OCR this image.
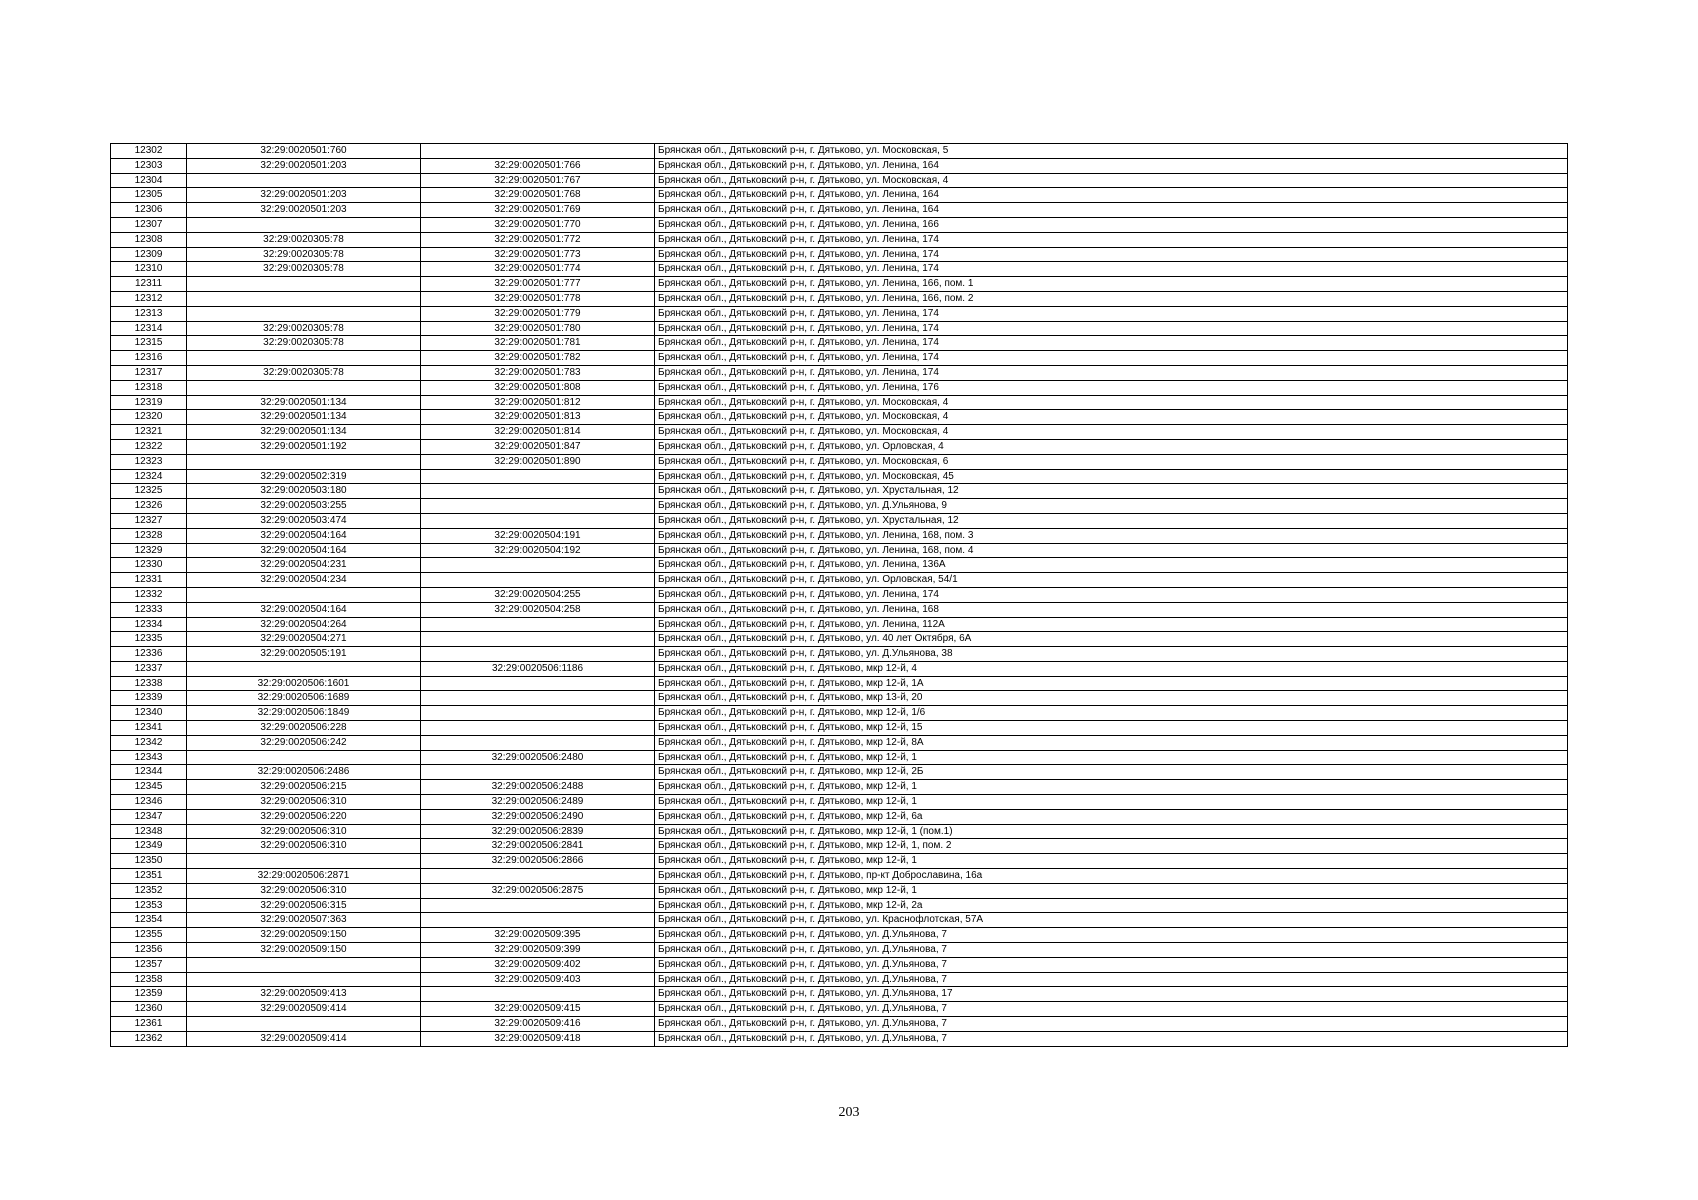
12302	32:29:0020501:760		Брянская обл., Дятьковский р-н, г. Дятьково, ул. Московская, 5
12303	32:29:0020501:203	32:29:0020501:766	Брянская обл., Дятьковский р-н, г. Дятьково, ул. Ленина, 164
12304		32:29:0020501:767	Брянская обл., Дятьковский р-н, г. Дятьково, ул. Московская, 4
12305	32:29:0020501:203	32:29:0020501:768	Брянская обл., Дятьковский р-н, г. Дятьково, ул. Ленина, 164
12306	32:29:0020501:203	32:29:0020501:769	Брянская обл., Дятьковский р-н, г. Дятьково, ул. Ленина, 164
12307		32:29:0020501:770	Брянская обл., Дятьковский р-н, г. Дятьково, ул. Ленина, 166
12308	32:29:0020305:78	32:29:0020501:772	Брянская обл., Дятьковский р-н, г. Дятьково, ул. Ленина, 174
12309	32:29:0020305:78	32:29:0020501:773	Брянская обл., Дятьковский р-н, г. Дятьково, ул. Ленина, 174
12310	32:29:0020305:78	32:29:0020501:774	Брянская обл., Дятьковский р-н, г. Дятьково, ул. Ленина, 174
12311		32:29:0020501:777	Брянская обл., Дятьковский р-н, г. Дятьково, ул. Ленина, 166, пом. 1
12312		32:29:0020501:778	Брянская обл., Дятьковский р-н, г. Дятьково, ул. Ленина, 166, пом. 2
12313		32:29:0020501:779	Брянская обл., Дятьковский р-н, г. Дятьково, ул. Ленина, 174
12314	32:29:0020305:78	32:29:0020501:780	Брянская обл., Дятьковский р-н, г. Дятьково, ул. Ленина, 174
12315	32:29:0020305:78	32:29:0020501:781	Брянская обл., Дятьковский р-н, г. Дятьково, ул. Ленина, 174
12316		32:29:0020501:782	Брянская обл., Дятьковский р-н, г. Дятьково, ул. Ленина, 174
12317	32:29:0020305:78	32:29:0020501:783	Брянская обл., Дятьковский р-н, г. Дятьково, ул. Ленина, 174
12318		32:29:0020501:808	Брянская обл., Дятьковский р-н, г. Дятьково, ул. Ленина, 176
12319	32:29:0020501:134	32:29:0020501:812	Брянская обл., Дятьковский р-н, г. Дятьково, ул. Московская, 4
12320	32:29:0020501:134	32:29:0020501:813	Брянская обл., Дятьковский р-н, г. Дятьково, ул. Московская, 4
12321	32:29:0020501:134	32:29:0020501:814	Брянская обл., Дятьковский р-н, г. Дятьково, ул. Московская, 4
12322	32:29:0020501:192	32:29:0020501:847	Брянская обл., Дятьковский р-н, г. Дятьково, ул. Орловская, 4
12323		32:29:0020501:890	Брянская обл., Дятьковский р-н, г. Дятьково, ул. Московская, 6
12324	32:29:0020502:319		Брянская обл., Дятьковский р-н, г. Дятьково, ул. Московская, 45
12325	32:29:0020503:180		Брянская обл., Дятьковский р-н, г. Дятьково, ул. Хрустальная, 12
12326	32:29:0020503:255		Брянская обл., Дятьковский р-н, г. Дятьково, ул. Д.Ульянова, 9
12327	32:29:0020503:474		Брянская обл., Дятьковский р-н, г. Дятьково, ул. Хрустальная, 12
12328	32:29:0020504:164	32:29:0020504:191	Брянская обл., Дятьковский р-н, г. Дятьково, ул. Ленина, 168, пом. 3
12329	32:29:0020504:164	32:29:0020504:192	Брянская обл., Дятьковский р-н, г. Дятьково, ул. Ленина, 168, пом. 4
12330	32:29:0020504:231		Брянская обл., Дятьковский р-н, г. Дятьково, ул. Ленина, 136А
12331	32:29:0020504:234		Брянская обл., Дятьковский р-н, г. Дятьково, ул. Орловская, 54/1
12332		32:29:0020504:255	Брянская обл., Дятьковский р-н, г. Дятьково, ул. Ленина, 174
12333	32:29:0020504:164	32:29:0020504:258	Брянская обл., Дятьковский р-н, г. Дятьково, ул. Ленина, 168
12334	32:29:0020504:264		Брянская обл., Дятьковский р-н, г. Дятьково, ул. Ленина, 112А
12335	32:29:0020504:271		Брянская обл., Дятьковский р-н, г. Дятьково, ул. 40 лет Октября, 6А
12336	32:29:0020505:191		Брянская обл., Дятьковский р-н, г. Дятьково, ул. Д.Ульянова, 38
12337		32:29:0020506:1186	Брянская обл., Дятьковский р-н, г. Дятьково, мкр 12-й, 4
12338	32:29:0020506:1601		Брянская обл., Дятьковский р-н, г. Дятьково, мкр 12-й, 1А
12339	32:29:0020506:1689		Брянская обл., Дятьковский р-н, г. Дятьково, мкр 13-й, 20
12340	32:29:0020506:1849		Брянская обл., Дятьковский р-н, г. Дятьково, мкр 12-й, 1/6
12341	32:29:0020506:228		Брянская обл., Дятьковский р-н, г. Дятьково, мкр 12-й, 15
12342	32:29:0020506:242		Брянская обл., Дятьковский р-н, г. Дятьково, мкр 12-й, 8А
12343		32:29:0020506:2480	Брянская обл., Дятьковский р-н, г. Дятьково, мкр 12-й, 1
12344	32:29:0020506:2486		Брянская обл., Дятьковский р-н, г. Дятьково, мкр 12-й, 2Б
12345	32:29:0020506:215	32:29:0020506:2488	Брянская обл., Дятьковский р-н, г. Дятьково, мкр 12-й, 1
12346	32:29:0020506:310	32:29:0020506:2489	Брянская обл., Дятьковский р-н, г. Дятьково, мкр 12-й, 1
12347	32:29:0020506:220	32:29:0020506:2490	Брянская обл., Дятьковский р-н, г. Дятьково, мкр 12-й, 6а
12348	32:29:0020506:310	32:29:0020506:2839	Брянская обл., Дятьковский р-н, г. Дятьково, мкр 12-й, 1 (пом.1)
12349	32:29:0020506:310	32:29:0020506:2841	Брянская обл., Дятьковский р-н, г. Дятьково, мкр 12-й, 1, пом. 2
12350		32:29:0020506:2866	Брянская обл., Дятьковский р-н, г. Дятьково, мкр 12-й, 1
12351	32:29:0020506:2871		Брянская обл., Дятьковский р-н, г. Дятьково, пр-кт Доброславина, 16а
12352	32:29:0020506:310	32:29:0020506:2875	Брянская обл., Дятьковский р-н, г. Дятьково, мкр 12-й, 1
12353	32:29:0020506:315		Брянская обл., Дятьковский р-н, г. Дятьково, мкр 12-й, 2а
12354	32:29:0020507:363		Брянская обл., Дятьковский р-н, г. Дятьково, ул. Краснофлотская, 57А
12355	32:29:0020509:150	32:29:0020509:395	Брянская обл., Дятьковский р-н, г. Дятьково, ул. Д.Ульянова, 7
12356	32:29:0020509:150	32:29:0020509:399	Брянская обл., Дятьковский р-н, г. Дятьково, ул. Д.Ульянова, 7
12357		32:29:0020509:402	Брянская обл., Дятьковский р-н, г. Дятьково, ул. Д.Ульянова, 7
12358		32:29:0020509:403	Брянская обл., Дятьковский р-н, г. Дятьково, ул. Д.Ульянова, 7
12359	32:29:0020509:413		Брянская обл., Дятьковский р-н, г. Дятьково, ул. Д.Ульянова, 17
12360	32:29:0020509:414	32:29:0020509:415	Брянская обл., Дятьковский р-н, г. Дятьково, ул. Д.Ульянова, 7
12361		32:29:0020509:416	Брянская обл., Дятьковский р-н, г. Дятьково, ул. Д.Ульянова, 7
12362	32:29:0020509:414	32:29:0020509:418	Брянская обл., Дятьковский р-н, г. Дятьково, ул. Д.Ульянова, 7
203
